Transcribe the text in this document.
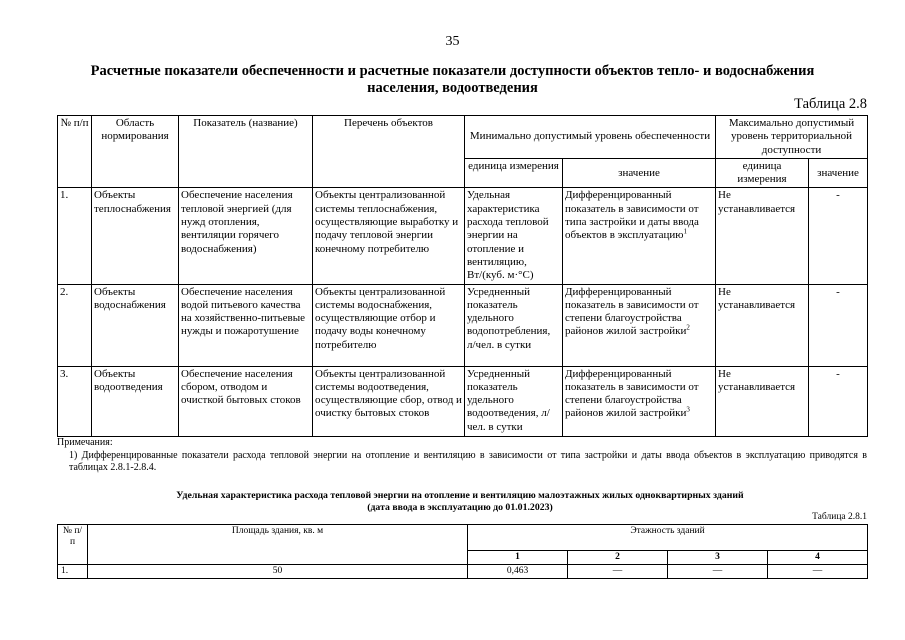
35
Расчетные показатели обеспеченности и расчетные показатели доступности объектов тепло- и водоснабжения населения, водоотведения
Таблица 2.8
№ п/п	Область нормирования	Показатель (название)	Перечень объектов	Минимально допустимый уровень обеспеченности		Максимально допустимый уровень территориальной доступности	
				единица измерения	значение	единица измерения	значение
1.	Объекты теплоснабжения	Обеспечение населения тепловой энергией (для нужд отопления, вентиляции горячего водоснабжения)	Объекты централизованной системы теплоснабжения, осуществляющие выработку и подачу тепловой энергии конечному потребителю	Удельная характеристика расхода тепловой энергии на отопление и вентиляцию, Вт/(куб. м·°С)	Дифференцированный показатель в зависимости от типа застройки и даты ввода объектов в эксплуатацию$^1$	Не устанавливается	-
2.	Объекты водоснабжения	Обеспечение населения водой питьевого качества на хозяйственно-питьевые нужды и пожаротушение	Объекты централизованной системы водоснабжения, осуществляющие отбор и подачу воды конечному потребителю	Усредненный показатель удельного водопотребления, л/чел. в сутки	Дифференцированный показатель в зависимости от степени благоустройства районов жилой застройки$^2$	Не устанавливается	-
3.	Объекты водоотведения	Обеспечение населения сбором, отводом и очисткой бытовых стоков	Объекты централизованной системы водоотведения, осуществляющие сбор, отвод и очистку бытовых стоков	Усредненный показатель удельного водоотведения, л/чел. в сутки	Дифференцированный показатель в зависимости от степени благоустройства районов жилой застройки$^3$	Не устанавливается	-
Примечания:
1) Дифференцированные показатели расхода тепловой энергии на отопление и вентиляцию в зависимости от типа застройки и даты ввода объектов в эксплуатацию приводятся в таблицах 2.8.1-2.8.4.
Удельная характеристика расхода тепловой энергии на отопление и вентиляцию малоэтажных жилых одноквартирных зданий
(дата ввода в эксплуатацию до 01.01.2023)
Таблица 2.8.1
№ п/п	Площадь здания, кв. м	Этажность зданий			
		1	2	3	4
1.	50	0,463	—	—	—
